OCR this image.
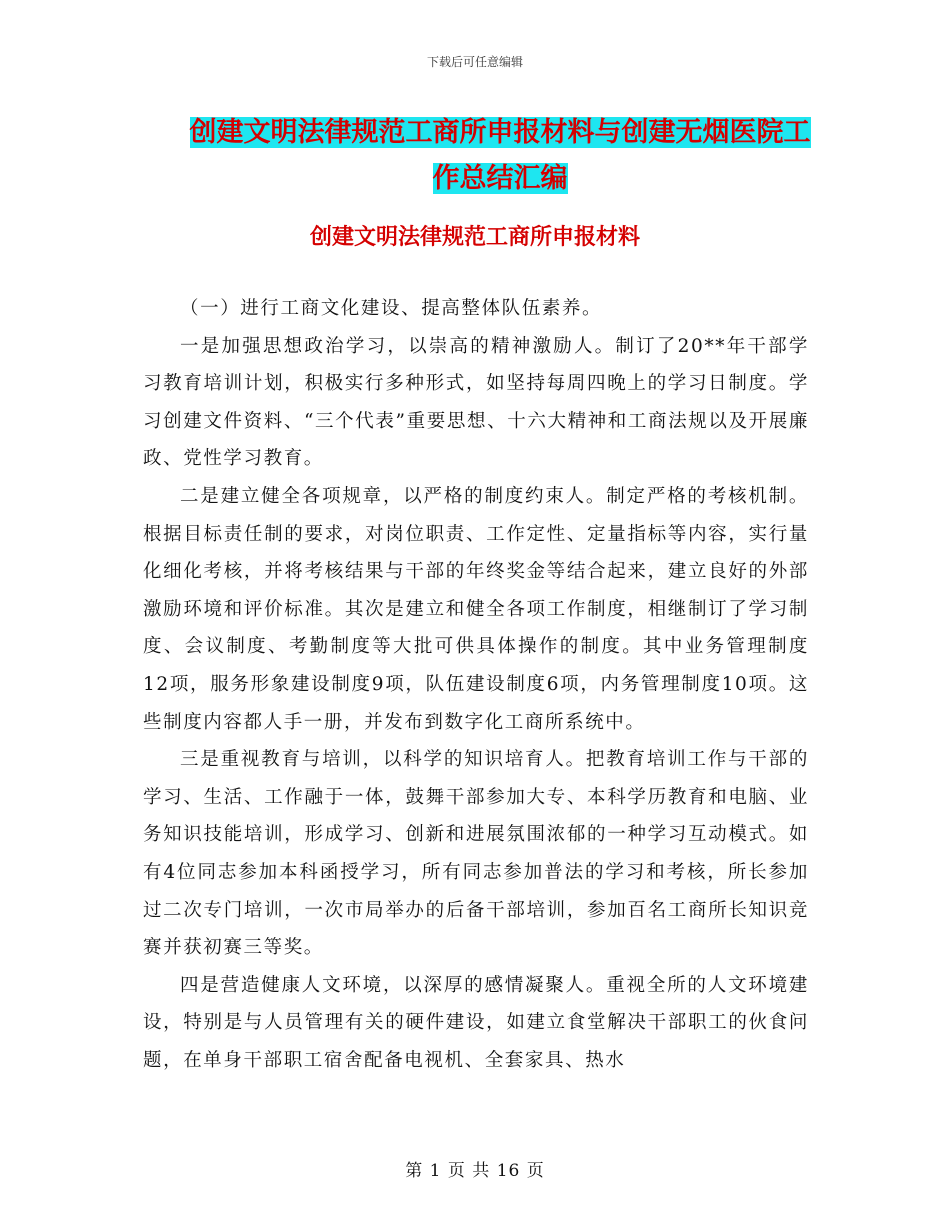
下载后可任意编辑
创建文明法律规范工商所申报材料与创建无烟医院工
作总结汇编
创建文明法律规范工商所申报材料

（一）进行工商文化建设、提高整体队伍素养。

一是加强思想政治学习，以崇高的精神激励人。制订了20**年干部学习教育培训计划，积极实行多种形式，如坚持每周四晚上的学习日制度。学习创建文件资料、“三个代表”重要思想、十六大精神和工商法规以及开展廉政、党性学习教育。

二是建立健全各项规章，以严格的制度约束人。制定严格的考核机制。根据目标责任制的要求，对岗位职责、工作定性、定量指标等内容，实行量化细化考核，并将考核结果与干部的年终奖金等结合起来，建立良好的外部激励环境和评价标准。其次是建立和健全各项工作制度，相继制订了学习制度、会议制度、考勤制度等大批可供具体操作的制度。其中业务管理制度12项，服务形象建设制度9项，队伍建设制度6项，内务管理制度10项。这些制度内容都人手一册，并发布到数字化工商所系统中。

三是重视教育与培训，以科学的知识培育人。把教育培训工作与干部的学习、生活、工作融于一体，鼓舞干部参加大专、本科学历教育和电脑、业务知识技能培训，形成学习、创新和进展氛围浓郁的一种学习互动模式。如有4位同志参加本科函授学习，所有同志参加普法的学习和考核，所长参加过二次专门培训，一次市局举办的后备干部培训，参加百名工商所长知识竞赛并获初赛三等奖。

四是营造健康人文环境，以深厚的感情凝聚人。重视全所的人文环境建设，特别是与人员管理有关的硬件建设，如建立食堂解决干部职工的伙食问题，在单身干部职工宿舍配备电视机、全套家具、热水

第 1 页 共 16 页
